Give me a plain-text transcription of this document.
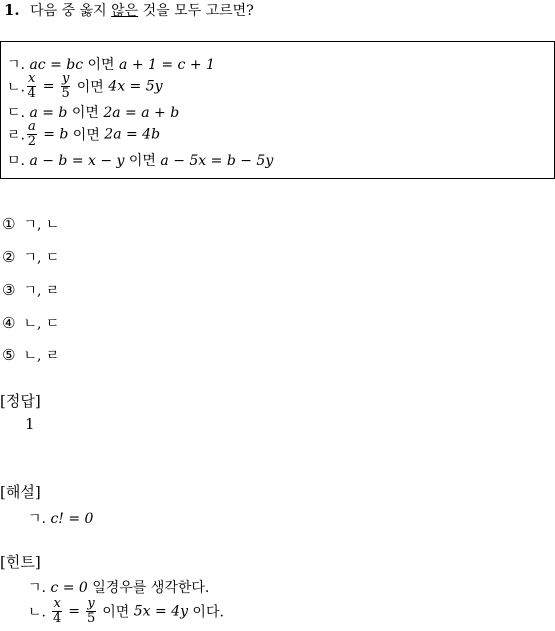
1. 다음 중 옳지 않은 것을 모두 고르면?
ㄱ. ac = bc 이면 a + 1 = c + 1
ㄴ. $\frac{x}{4} = \frac{y}{5}$ 이면 4x = 5y
ㄷ. a = b 이면 2a = a + b
ㄹ. $\frac{a}{2} = b$ 이면 2a = 4b
ㅁ. a − b = x − y 이면 a − 5x = b − 5y
① ㄱ, ㄴ
② ㄱ, ㄷ
③ ㄱ, ㄹ
④ ㄴ, ㄷ
⑤ ㄴ, ㄹ
[정답]
1
[해설]
ㄱ. c! = 0
[힌트]
ㄱ. c = 0 일경우를 생각한다.
ㄴ. $\frac{x}{4} = \frac{y}{5}$ 이면 5x = 4y 이다.
